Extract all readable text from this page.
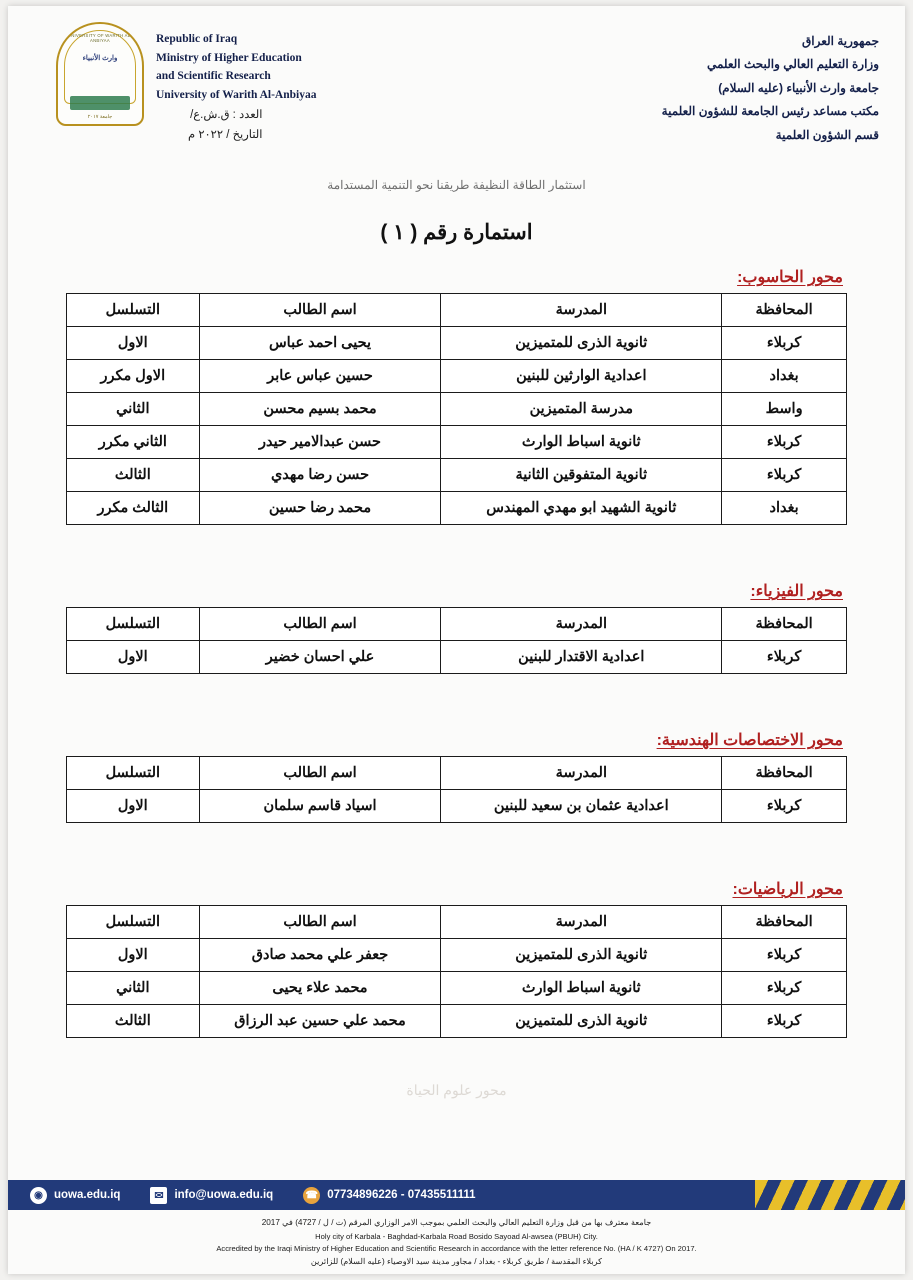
UNIVERSITY OF WARITH AL-ANBIYAA
وارث الأنبياء
جامعة ٢٠١٧
Republic of Iraq
Ministry of Higher Education
and Scientific Research
University of Warith Al-Anbiyaa
جمهورية العراق
وزارة التعليم العالي والبحث العلمي
جامعة وارث الأنبياء (عليه السلام)
مكتب مساعد رئيس الجامعة للشؤون العلمية
قسم الشؤون العلمية
العدد : ق.ش.ع/
التاريخ / ٢٠٢٢ م
استثمار الطاقة النظيفة طريقنا نحو التنمية المستدامة
استمارة رقم ( ١ )
محور الحاسوب:
المحافظة	المدرسة	اسم الطالب	التسلسل
كربلاء	ثانوية الذرى للمتميزين	يحيى احمد عباس	الاول
بغداد	اعدادية الوارثين للبنين	حسين عباس عابر	الاول مكرر
واسط	مدرسة المتميزين	محمد بسيم محسن	الثاني
كربلاء	ثانوية اسباط الوارث	حسن عبدالامير حيدر	الثاني مكرر
كربلاء	ثانوية المتفوقين الثانية	حسن رضا مهدي	الثالث
بغداد	ثانوية الشهيد ابو مهدي المهندس	محمد رضا حسين	الثالث مكرر
محور الفيزياء:
المحافظة	المدرسة	اسم الطالب	التسلسل
كربلاء	اعدادية الاقتدار للبنين	علي احسان خضير	الاول
محور الاختصاصات الهندسية:
المحافظة	المدرسة	اسم الطالب	التسلسل
كربلاء	اعدادية عثمان بن سعيد للبنين	اسياد قاسم سلمان	الاول
محور الرياضيات:
المحافظة	المدرسة	اسم الطالب	التسلسل
كربلاء	ثانوية الذرى للمتميزين	جعفر علي محمد صادق	الاول
كربلاء	ثانوية اسباط الوارث	محمد علاء يحيى	الثاني
كربلاء	ثانوية الذرى للمتميزين	محمد علي حسين عبد الرزاق	الثالث
محور علوم الحياة
◉ uowa.edu.iq	✉ info@uowa.edu.iq	☎ 07734896226 - 07435511111
جامعة معترف بها من قبل وزارة التعليم العالي والبحث العلمي بموجب الامر الوزاري المرقم (ت / ل / 4727) في 2017
Holy city of Karbala - Baghdad-Karbala Road Bosido Sayoad Al-awsea (PBUH) City.
Accredited by the Iraqi Ministry of Higher Education and Scientific Research in accordance with the letter reference No. (HA / K 4727) On 2017.
كربلاء المقدسة / طريق كربلاء - بغداد / مجاور مدينة سيد الاوصياء (عليه السلام) للزائرين
